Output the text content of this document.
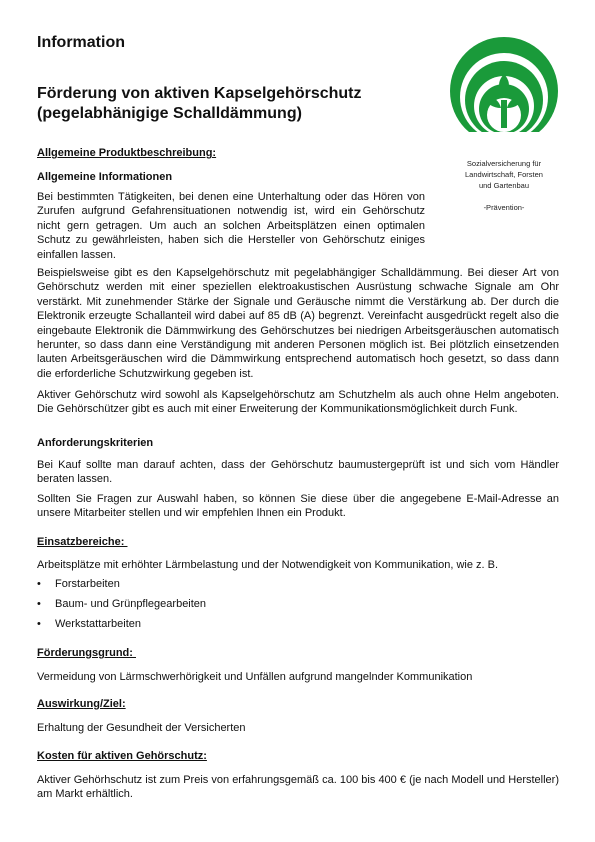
Information
Förderung von aktiven Kapselgehörschutz (pegelabhänigige Schalldämmung)
Sozialversicherung für
Landwirtschaft, Forsten
und Gartenbau
-Prävention-
Allgemeine Produktbeschreibung:
Allgemeine Informationen
Bei bestimmten Tätigkeiten, bei denen eine Unterhaltung oder das Hören von Zurufen aufgrund Gefahrensituationen notwendig ist, wird ein Gehörschutz nicht gern getragen. Um auch an solchen Arbeitsplätzen einen optimalen Schutz zu gewährleisten, haben sich die Hersteller von Gehörschutz einiges einfallen lassen.
Beispielsweise gibt es den Kapselgehörschutz mit pegelabhängiger Schalldämmung. Bei dieser Art von Gehörschutz werden mit einer speziellen elektroakustischen Ausrüstung schwache Signale am Ohr verstärkt. Mit zunehmender Stärke der Signale und Geräusche nimmt die Verstärkung ab. Der durch die Elektronik erzeugte Schallanteil wird dabei auf 85 dB (A) begrenzt. Vereinfacht ausgedrückt regelt also die eingebaute Elektronik die Dämmwirkung des Gehörschutzes bei niedrigen Arbeitsgeräuschen automatisch herunter, so dass dann eine Verständigung mit anderen Personen möglich ist. Bei plötzlich einsetzenden lauten Arbeitsgeräuschen wird die Dämmwirkung entsprechend automatisch hoch gesetzt, so dass dann die erforderliche Schutzwirkung gegeben ist.
Aktiver Gehörschutz wird sowohl als Kapselgehörschutz am Schutzhelm als auch ohne Helm angeboten. Die Gehörschützer gibt es auch mit einer Erweiterung der Kommunikationsmöglichkeit durch Funk.
Anforderungskriterien
Bei Kauf sollte man darauf achten, dass der Gehörschutz baumustergeprüft ist und sich vom Händler beraten lassen.
Sollten Sie Fragen zur Auswahl haben, so können Sie diese über die angegebene E-Mail-Adresse an unsere Mitarbeiter stellen und wir empfehlen Ihnen ein Produkt.
Einsatzbereiche:
Arbeitsplätze mit erhöhter Lärmbelastung und der Notwendigkeit von Kommunikation, wie z. B.
• Forstarbeiten
• Baum- und Grünpflegearbeiten
• Werkstattarbeiten
Förderungsgrund:
Vermeidung von Lärmschwerhörigkeit und Unfällen aufgrund mangelnder Kommunikation
Auswirkung/Ziel:
Erhaltung der Gesundheit der Versicherten
Kosten für aktiven Gehörschutz:
Aktiver Gehörhschutz ist zum Preis von erfahrungsgemäß ca. 100 bis 400 € (je nach Modell und Hersteller) am Markt erhältlich.
